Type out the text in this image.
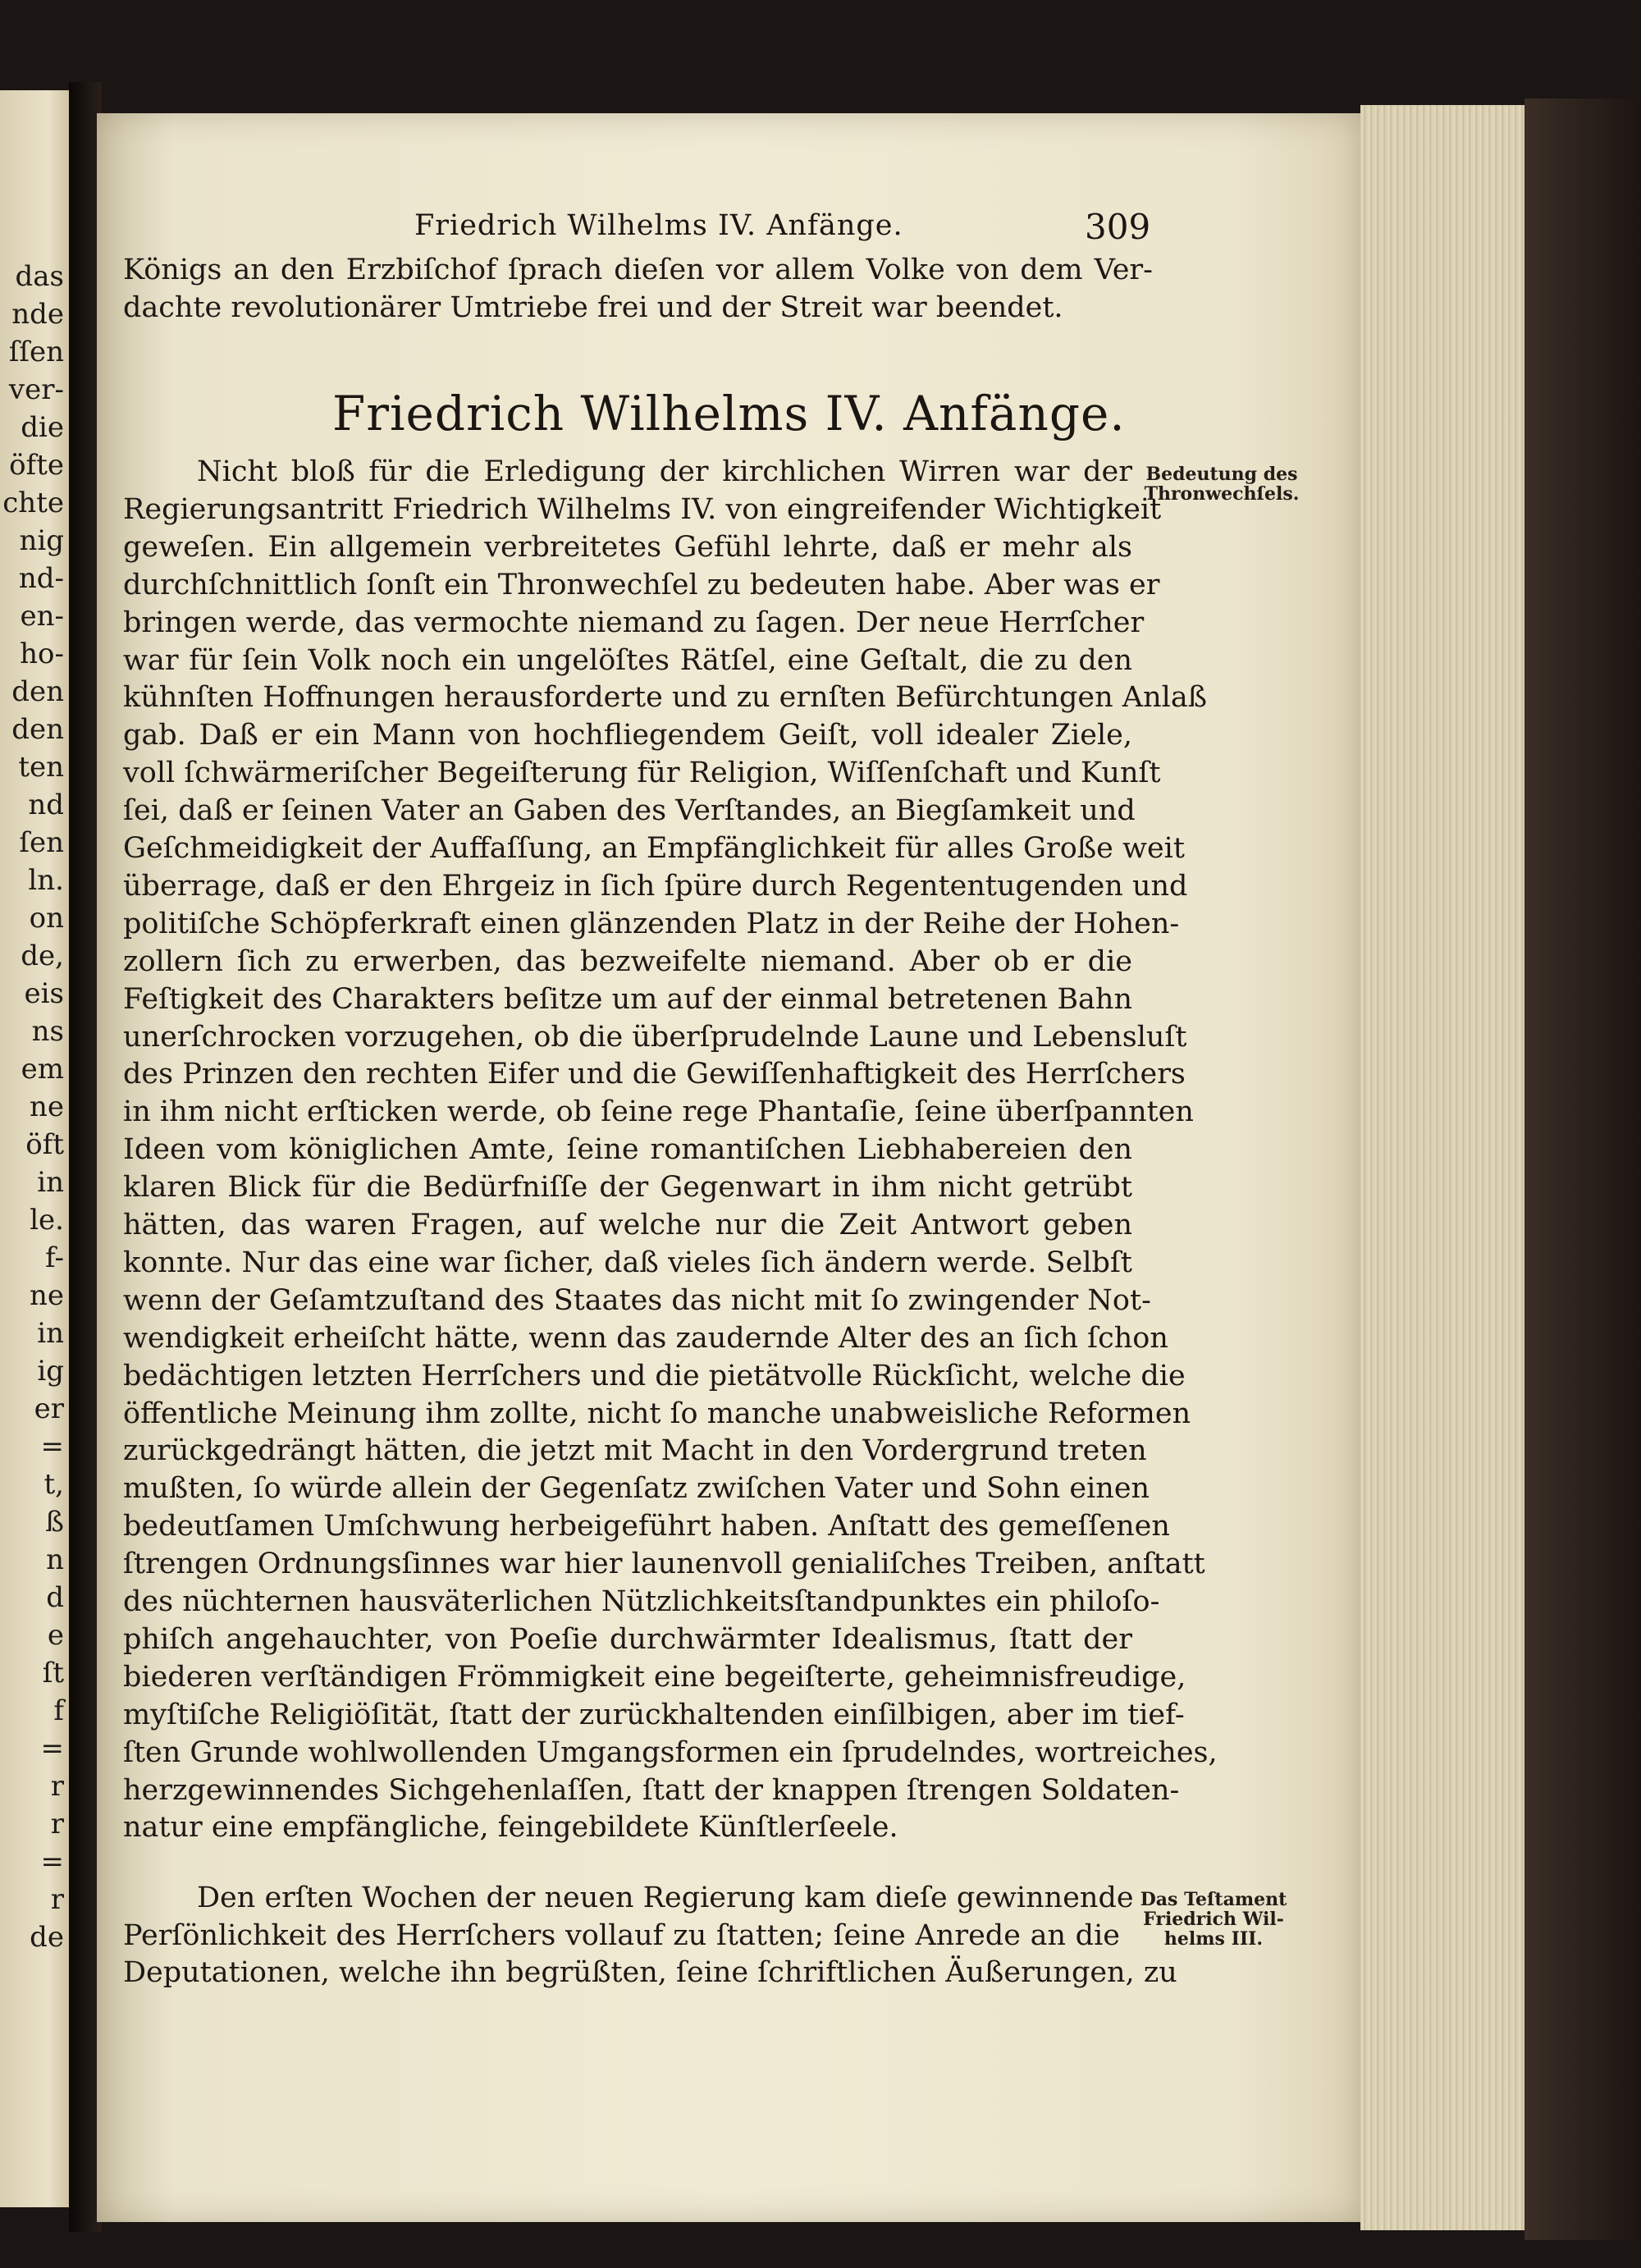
das
nde
ſſen
ver-
die
öfte
chte
nig
nd-
en-
ho-
den
den
ten
nd
ſen
ln.
on
de,
eis
ns
em
ne
öft
in
le.
f-
ne
in
ig
er
=
t,
ß
n
d
e
ſt
f
=
r
r
=
r
de
Friedrich Wilhelms IV. Anfänge.	309
Königs an den Erzbiſchof ſprach dieſen vor allem Volke von dem Ver-
dachte revolutionärer Umtriebe frei und der Streit war beendet.
Friedrich Wilhelms IV. Anfänge.
Nicht bloß für die Erledigung der kirchlichen Wirren war der
Regierungsantritt Friedrich Wilhelms IV. von eingreifender Wichtigkeit
geweſen. Ein allgemein verbreitetes Gefühl lehrte, daß er mehr als
durchſchnittlich ſonſt ein Thronwechſel zu bedeuten habe. Aber was er
bringen werde, das vermochte niemand zu ſagen. Der neue Herrſcher
war für ſein Volk noch ein ungelöſtes Rätſel, eine Geſtalt, die zu den
kühnſten Hoffnungen herausforderte und zu ernſten Befürchtungen Anlaß
gab. Daß er ein Mann von hochfliegendem Geiſt, voll idealer Ziele,
voll ſchwärmeriſcher Begeiſterung für Religion, Wiſſenſchaft und Kunſt
ſei, daß er ſeinen Vater an Gaben des Verſtandes, an Biegſamkeit und
Geſchmeidigkeit der Auffaſſung, an Empfänglichkeit für alles Große weit
überrage, daß er den Ehrgeiz in ſich ſpüre durch Regententugenden und
politiſche Schöpferkraft einen glänzenden Platz in der Reihe der Hohen-
zollern ſich zu erwerben, das bezweifelte niemand. Aber ob er die
Feſtigkeit des Charakters beſitze um auf der einmal betretenen Bahn
unerſchrocken vorzugehen, ob die überſprudelnde Laune und Lebensluſt
des Prinzen den rechten Eifer und die Gewiſſenhaftigkeit des Herrſchers
in ihm nicht erſticken werde, ob ſeine rege Phantaſie, ſeine überſpannten
Ideen vom königlichen Amte, ſeine romantiſchen Liebhabereien den
klaren Blick für die Bedürfniſſe der Gegenwart in ihm nicht getrübt
hätten, das waren Fragen, auf welche nur die Zeit Antwort geben
konnte. Nur das eine war ſicher, daß vieles ſich ändern werde. Selbſt
wenn der Geſamtzuſtand des Staates das nicht mit ſo zwingender Not-
wendigkeit erheiſcht hätte, wenn das zaudernde Alter des an ſich ſchon
bedächtigen letzten Herrſchers und die pietätvolle Rückſicht, welche die
öffentliche Meinung ihm zollte, nicht ſo manche unabweisliche Reformen
zurückgedrängt hätten, die jetzt mit Macht in den Vordergrund treten
mußten, ſo würde allein der Gegenſatz zwiſchen Vater und Sohn einen
bedeutſamen Umſchwung herbeigeführt haben. Anſtatt des gemeſſenen
ſtrengen Ordnungsſinnes war hier launenvoll genialiſches Treiben, anſtatt
des nüchternen hausväterlichen Nützlichkeitsſtandpunktes ein philoſo-
phiſch angehauchter, von Poeſie durchwärmter Idealismus, ſtatt der
biederen verſtändigen Frömmigkeit eine begeiſterte, geheimnisfreudige,
myſtiſche Religiöſität, ſtatt der zurückhaltenden einſilbigen, aber im tief-
ſten Grunde wohlwollenden Umgangsformen ein ſprudelndes, wortreiches,
herzgewinnendes Sichgehenlaſſen, ſtatt der knappen ſtrengen Soldaten-
natur eine empfängliche, feingebildete Künſtlerſeele.
Den erſten Wochen der neuen Regierung kam dieſe gewinnende
Perſönlichkeit des Herrſchers vollauf zu ſtatten; ſeine Anrede an die
Deputationen, welche ihn begrüßten, ſeine ſchriftlichen Äußerungen, zu
Bedeutung des
Thronwechſels.
Das Teſtament
Friedrich Wil-
helms III.
